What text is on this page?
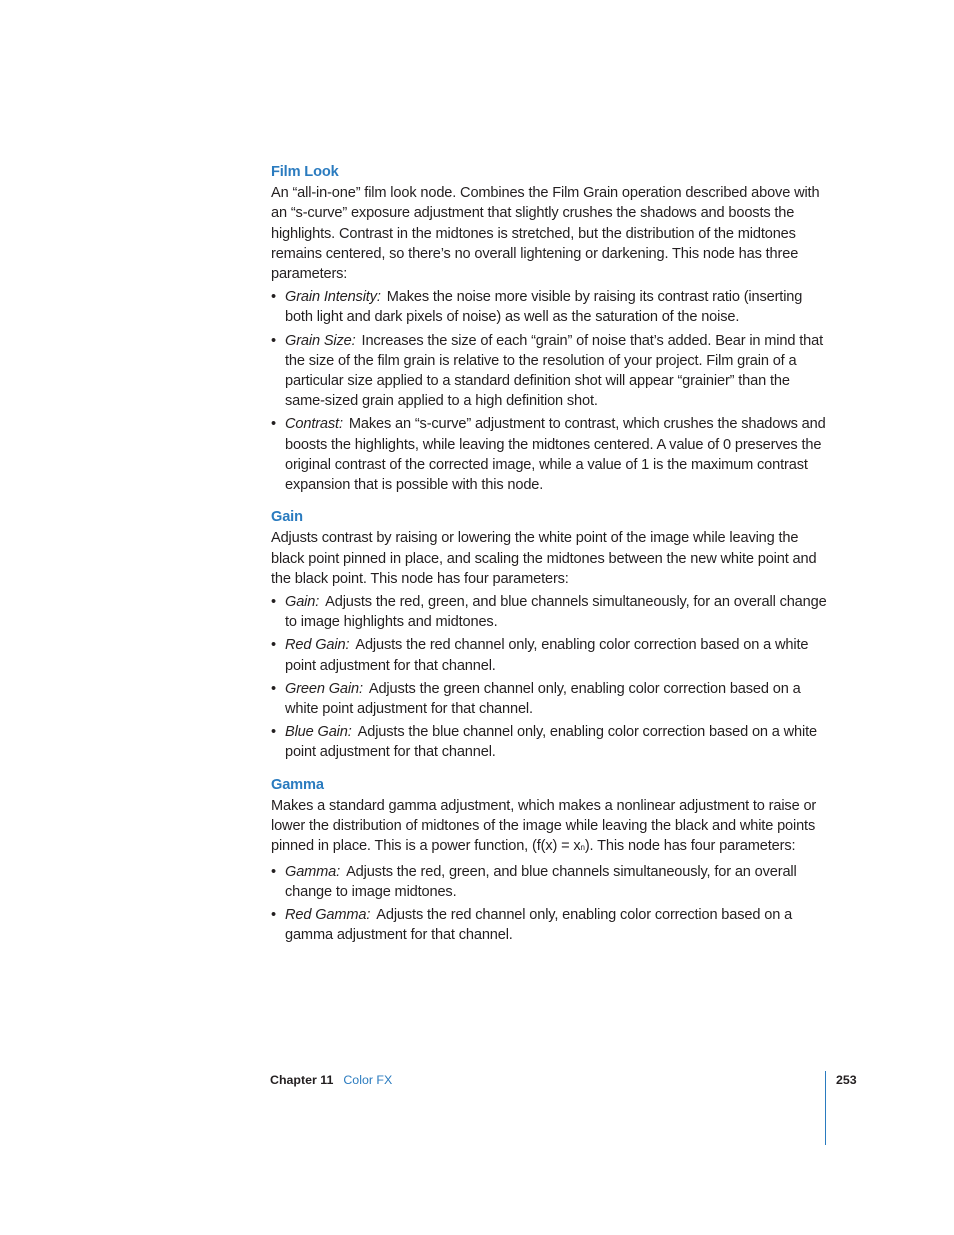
Film Look

An “all-in-one” film look node. Combines the Film Grain operation described above with an “s-curve” exposure adjustment that slightly crushes the shadows and boosts the highlights. Contrast in the midtones is stretched, but the distribution of the midtones remains centered, so there’s no overall lightening or darkening. This node has three parameters:

• Grain Intensity: Makes the noise more visible by raising its contrast ratio (inserting both light and dark pixels of noise) as well as the saturation of the noise.
• Grain Size: Increases the size of each “grain” of noise that’s added. Bear in mind that the size of the film grain is relative to the resolution of your project. Film grain of a particular size applied to a standard definition shot will appear “grainier” than the same-sized grain applied to a high definition shot.
• Contrast: Makes an “s-curve” adjustment to contrast, which crushes the shadows and boosts the highlights, while leaving the midtones centered. A value of 0 preserves the original contrast of the corrected image, while a value of 1 is the maximum contrast expansion that is possible with this node.
Gain

Adjusts contrast by raising or lowering the white point of the image while leaving the black point pinned in place, and scaling the midtones between the new white point and the black point. This node has four parameters:

• Gain: Adjusts the red, green, and blue channels simultaneously, for an overall change to image highlights and midtones.
• Red Gain: Adjusts the red channel only, enabling color correction based on a white point adjustment for that channel.
• Green Gain: Adjusts the green channel only, enabling color correction based on a white point adjustment for that channel.
• Blue Gain: Adjusts the blue channel only, enabling color correction based on a white point adjustment for that channel.
Gamma

Makes a standard gamma adjustment, which makes a nonlinear adjustment to raise or lower the distribution of midtones of the image while leaving the black and white points pinned in place. This is a power function, (f(x) = xn). This node has four parameters:

• Gamma: Adjusts the red, green, and blue channels simultaneously, for an overall change to image midtones.
• Red Gamma: Adjusts the red channel only, enabling color correction based on a gamma adjustment for that channel.
Chapter 11 Color FX	253
